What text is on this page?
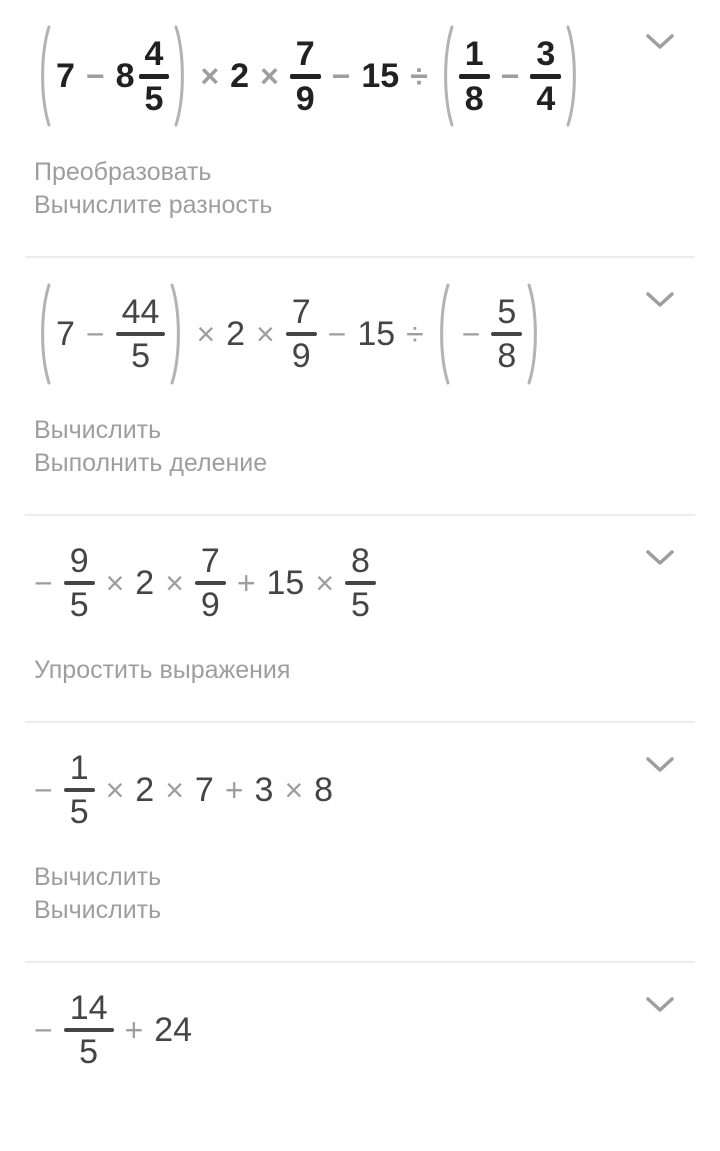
7 − 8
4
5
× 2 ×
7
9
− 15 ÷
1
8
−
3
4
Преобразовать
Вычислите разность
$7 - \frac{44}{5} \times 2 \times \frac{7}{9} - 15$ ÷ − $\frac{5}{8}$
Вычислить
Выполнить деление
− $\frac{9}{5} \times 2 \times \frac{7}{9} + 15 \times \frac{8}{5}$
Упростить выражения
− $\frac{1}{5} \times 2 \times 7 + 3 \times 8$
Вычислить
Вычислить
− $\frac{14}{5} + 24$
